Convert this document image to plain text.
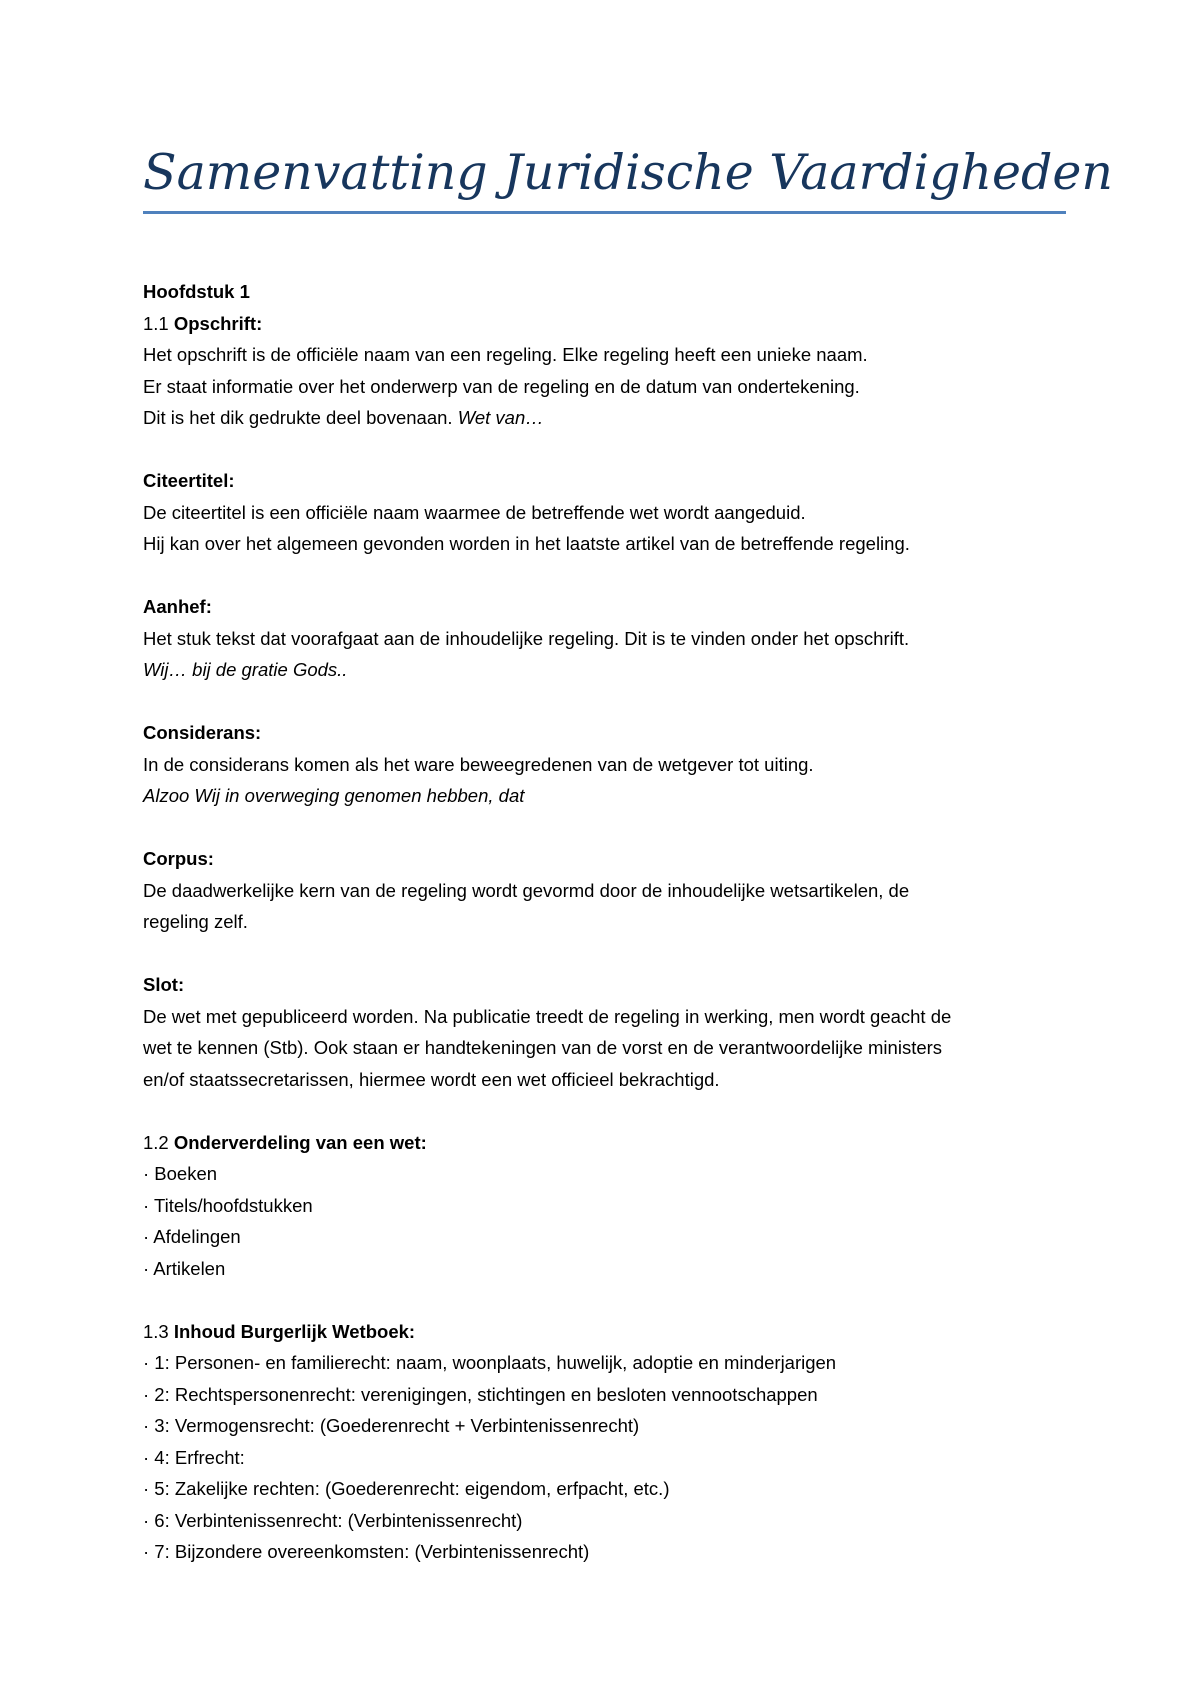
Samenvatting Juridische Vaardigheden
Hoofdstuk 1
1.1 Opschrift:
Het opschrift is de officiële naam van een regeling. Elke regeling heeft een unieke naam.
Er staat informatie over het onderwerp van de regeling en de datum van ondertekening.
Dit is het dik gedrukte deel bovenaan. Wet van…
Citeertitel:
De citeertitel is een officiële naam waarmee de betreffende wet wordt aangeduid.
Hij kan over het algemeen gevonden worden in het laatste artikel van de betreffende regeling.
Aanhef:
Het stuk tekst dat voorafgaat aan de inhoudelijke regeling. Dit is te vinden onder het opschrift.
Wij… bij de gratie Gods..
Considerans:
In de considerans komen als het ware beweegredenen van de wetgever tot uiting.
Alzoo Wij in overweging genomen hebben, dat
Corpus:
De daadwerkelijke kern van de regeling wordt gevormd door de inhoudelijke wetsartikelen, de
regeling zelf.
Slot:
De wet met gepubliceerd worden. Na publicatie treedt de regeling in werking, men wordt geacht de
wet te kennen (Stb). Ook staan er handtekeningen van de vorst en de verantwoordelijke ministers
en/of staatssecretarissen, hiermee wordt een wet officieel bekrachtigd.
1.2 Onderverdeling van een wet:
· Boeken
· Titels/hoofdstukken
· Afdelingen
· Artikelen
1.3 Inhoud Burgerlijk Wetboek:
· 1: Personen- en familierecht: naam, woonplaats, huwelijk, adoptie en minderjarigen
· 2: Rechtspersonenrecht: verenigingen, stichtingen en besloten vennootschappen
· 3: Vermogensrecht: (Goederenrecht + Verbintenissenrecht)
· 4: Erfrecht:
· 5: Zakelijke rechten: (Goederenrecht: eigendom, erfpacht, etc.)
· 6: Verbintenissenrecht: (Verbintenissenrecht)
· 7: Bijzondere overeenkomsten: (Verbintenissenrecht)
